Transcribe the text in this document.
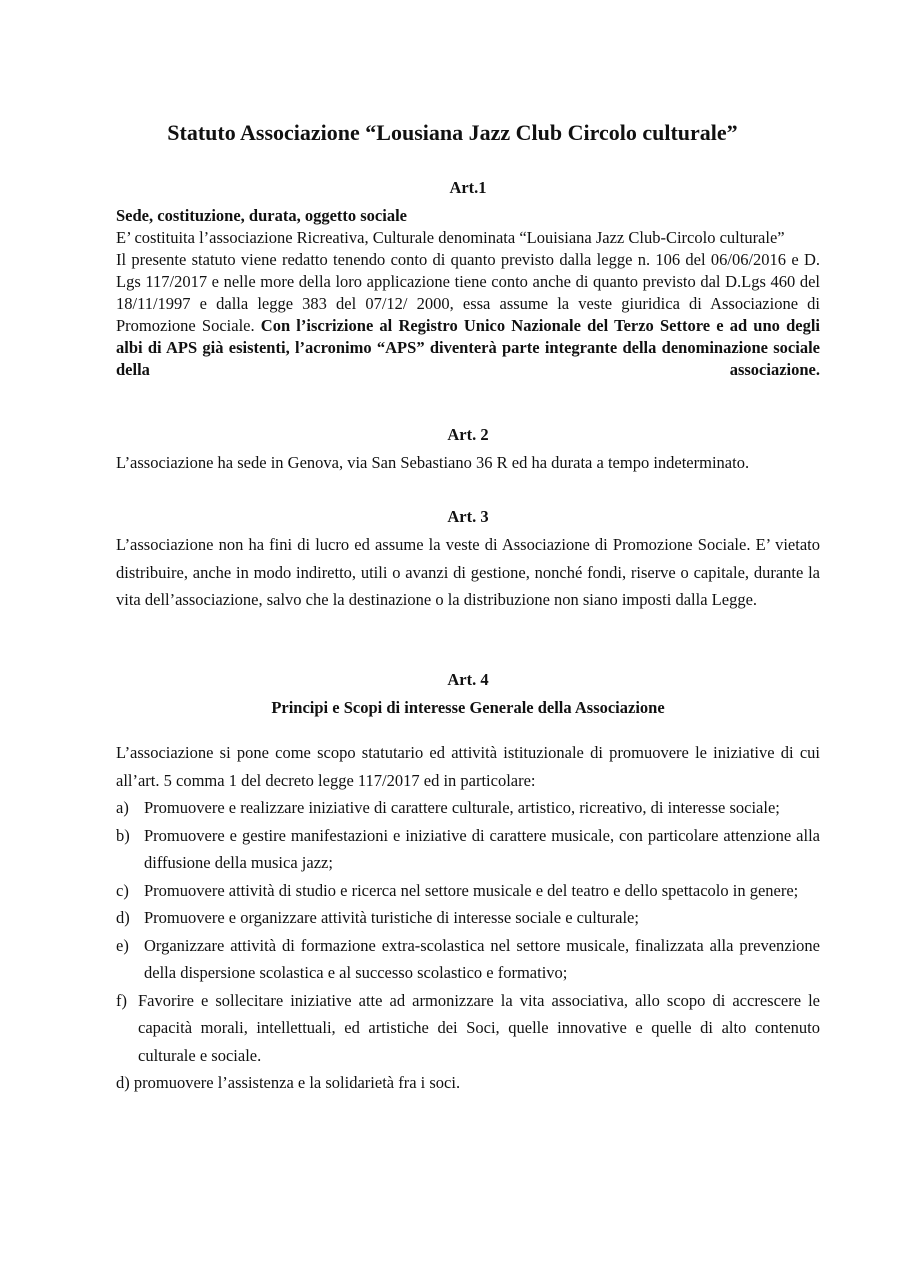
Statuto Associazione “Lousiana Jazz Club Circolo culturale”

Art.1

Sede, costituzione, durata, oggetto sociale

E’ costituita l’associazione Ricreativa, Culturale denominata “Louisiana Jazz Club-Circolo culturale”

Il presente statuto viene redatto tenendo conto di quanto previsto dalla legge n. 106 del 06/06/2016 e D. Lgs 117/2017 e nelle more della loro applicazione tiene conto anche di quanto previsto dal D.Lgs 460 del 18/11/1997 e dalla legge 383 del 07/12/ 2000, essa assume la veste giuridica di Associazione di Promozione Sociale. Con l’iscrizione al Registro Unico Nazionale del Terzo Settore e ad uno degli albi di APS già esistenti, l’acronimo “APS” diventerà parte integrante della denominazione sociale della associazione.

Art. 2

L’associazione ha sede in Genova, via San Sebastiano 36 R ed ha durata a tempo indeterminato.

Art. 3

L’associazione non ha fini di lucro ed assume la veste di Associazione di Promozione Sociale. E’ vietato distribuire, anche in modo indiretto, utili o avanzi di gestione, nonché fondi, riserve o capitale, durante la vita dell’associazione, salvo che la destinazione o la distribuzione non siano imposti dalla Legge.

Art. 4

Principi e Scopi di interesse Generale della Associazione

L’associazione si pone come scopo statutario ed attività istituzionale di promuovere le iniziative di cui all’art. 5 comma 1 del decreto legge 117/2017 ed in particolare:

a) Promuovere e realizzare iniziative di carattere culturale, artistico, ricreativo, di interesse sociale;
b) Promuovere e gestire manifestazioni e iniziative di carattere musicale, con particolare attenzione alla diffusione della musica jazz;
c) Promuovere attività di studio e ricerca nel settore musicale e del teatro e dello spettacolo in genere;
d) Promuovere e organizzare attività turistiche di interesse sociale e culturale;
e) Organizzare attività di formazione extra-scolastica nel settore musicale, finalizzata alla prevenzione della dispersione scolastica e al successo scolastico e formativo;
f) Favorire e sollecitare iniziative atte ad armonizzare la vita associativa, allo scopo di accrescere le capacità morali, intellettuali, ed artistiche dei Soci, quelle innovative e quelle di alto contenuto culturale e sociale.

d) promuovere l’assistenza e la solidarietà fra i soci.
